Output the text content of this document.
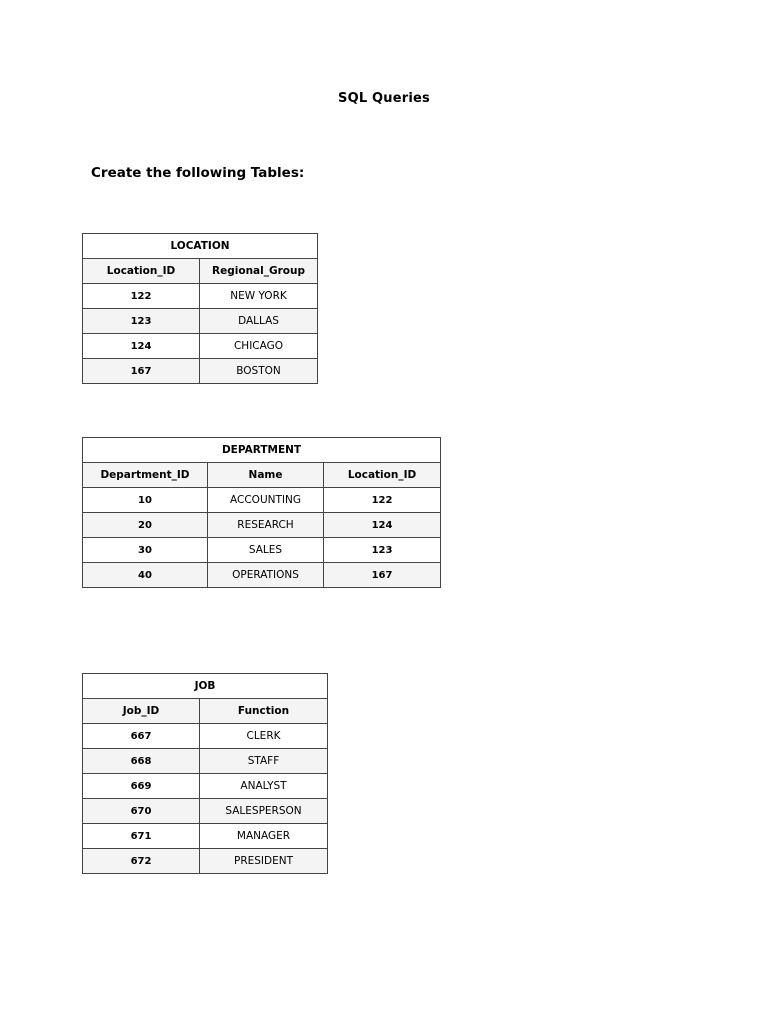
SQL Queries
Create the following Tables:
LOCATION	
Location_ID	Regional_Group
122	NEW YORK
123	DALLAS
124	CHICAGO
167	BOSTON
DEPARTMENT		
Department_ID	Name	Location_ID
10	ACCOUNTING	122
20	RESEARCH	124
30	SALES	123
40	OPERATIONS	167
JOB	
Job_ID	Function
667	CLERK
668	STAFF
669	ANALYST
670	SALESPERSON
671	MANAGER
672	PRESIDENT
